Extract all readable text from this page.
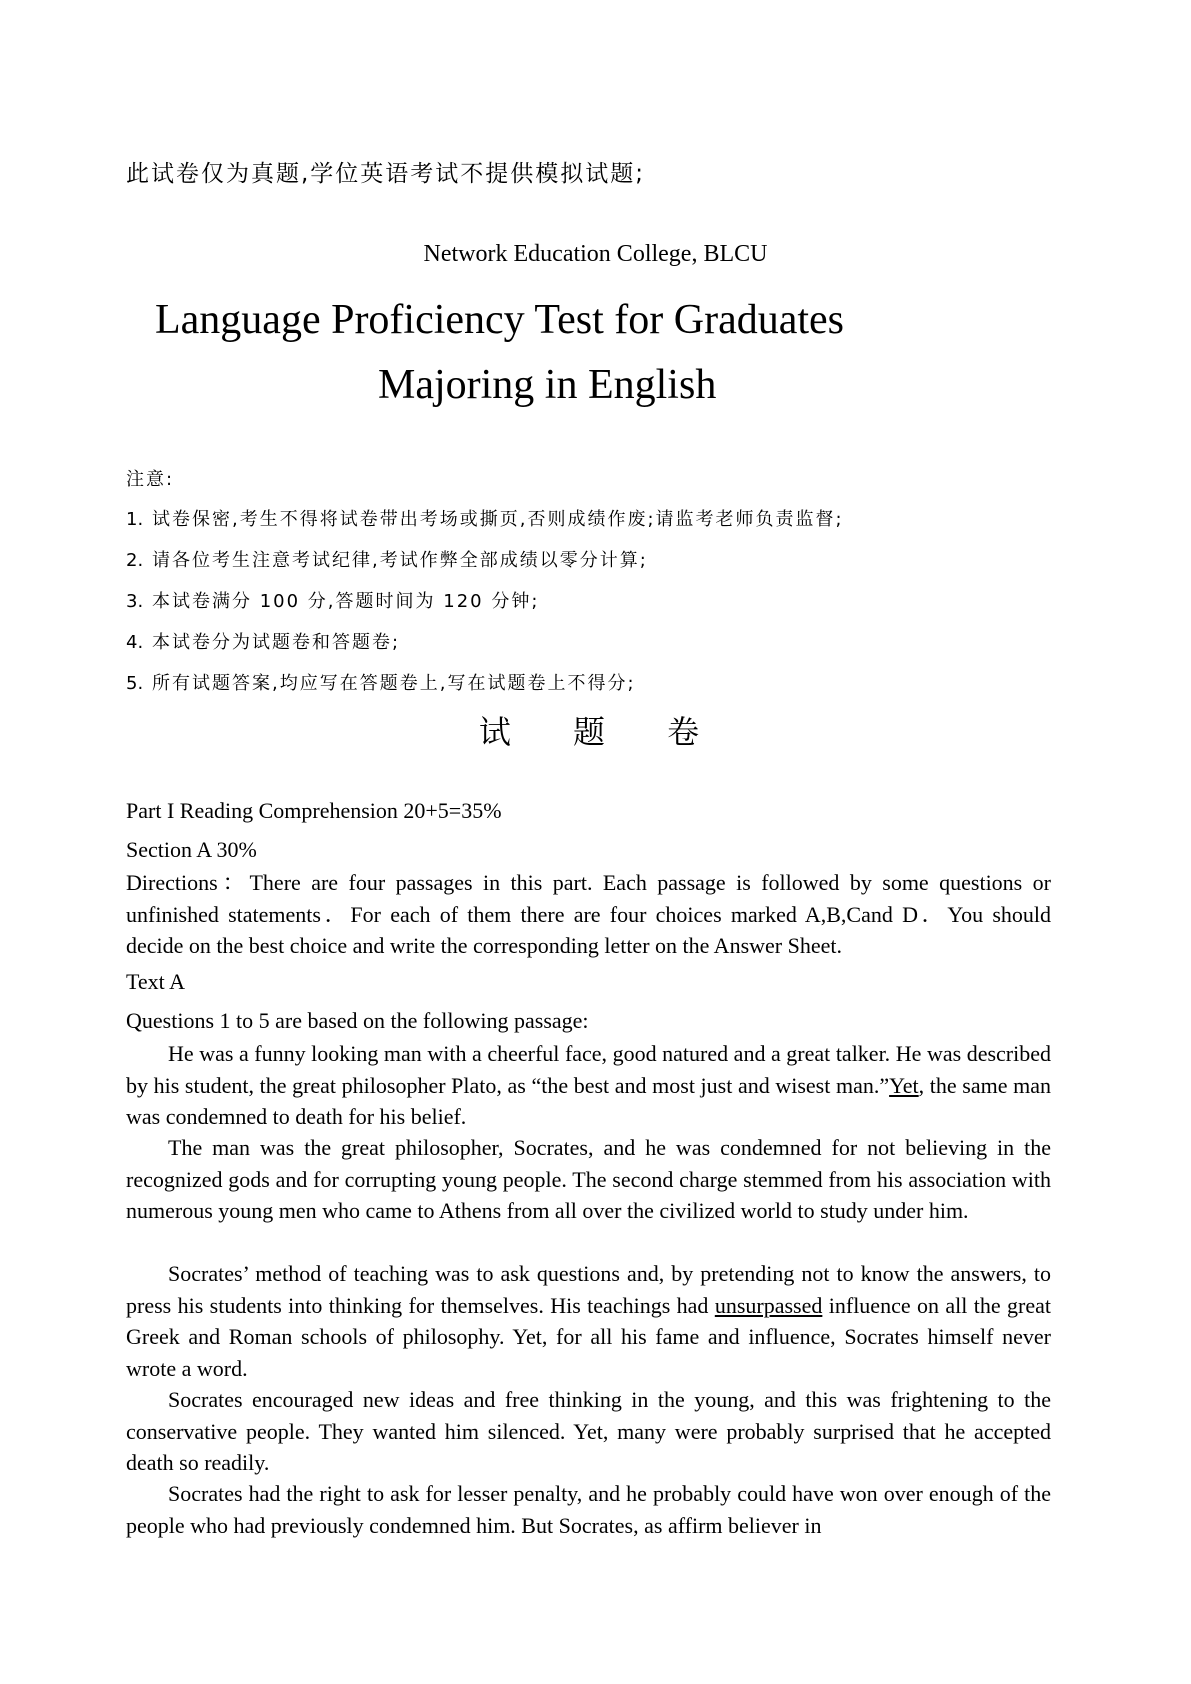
此试卷仅为真题,学位英语考试不提供模拟试题;
Network Education College, BLCU
Language Proficiency Test for Graduates
Majoring in English
注意:
1. 试卷保密,考生不得将试卷带出考场或撕页,否则成绩作废;请监考老师负责监督;
2. 请各位考生注意考试纪律,考试作弊全部成绩以零分计算;
3. 本试卷满分 100 分,答题时间为 120 分钟;
4. 本试卷分为试题卷和答题卷;
5. 所有试题答案,均应写在答题卷上,写在试题卷上不得分;
试 题 卷
Part I Reading Comprehension 20+5=35%
Section A 30%
Directions：There are four passages in this part. Each passage is followed by some questions or unfinished statements．For each of them there are four choices marked A,B,Cand D．You should decide on the best choice and write the corresponding letter on the Answer Sheet.
Text A
Questions 1 to 5 are based on the following passage:
He was a funny looking man with a cheerful face, good natured and a great talker. He was described by his student, the great philosopher Plato, as “the best and most just and wisest man.”Yet, the same man was condemned to death for his belief.
The man was the great philosopher, Socrates, and he was condemned for not believing in the recognized gods and for corrupting young people. The second charge stemmed from his association with numerous young men who came to Athens from all over the civilized world to study under him.
Socrates’ method of teaching was to ask questions and, by pretending not to know the answers, to press his students into thinking for themselves. His teachings had unsurpassed influence on all the great Greek and Roman schools of philosophy. Yet, for all his fame and influence, Socrates himself never wrote a word.
Socrates encouraged new ideas and free thinking in the young, and this was frightening to the conservative people. They wanted him silenced. Yet, many were probably surprised that he accepted death so readily.
Socrates had the right to ask for lesser penalty, and he probably could have won over enough of the people who had previously condemned him. But Socrates, as affirm believer in
